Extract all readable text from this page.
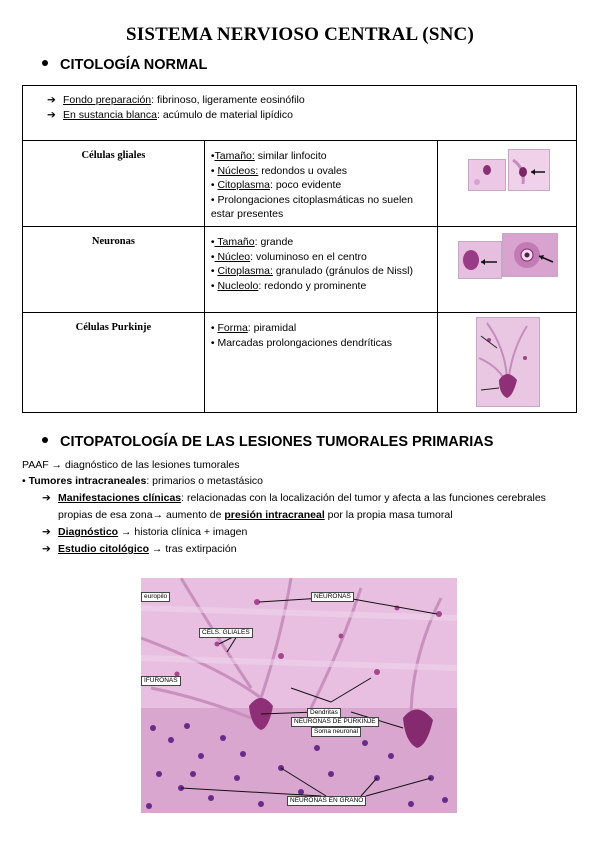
SISTEMA NERVIOSO CENTRAL (SNC)
CITOLOGÍA NORMAL
➔ Fondo preparación: fibrinoso, ligeramente eosinófilo
➔ En sustancia blanca: acúmulo de material lipídico
Células gliales	•Tamaño: similar linfocito

• Núcleos: redondos u ovales

• Citoplasma: poco evidente

• Prolongaciones citoplasmáticas no suelen estar presentes

Neuronas	• Tamaño: grande

• Núcleo: voluminoso en el centro

• Citoplasma: granulado (gránulos de Nissl)

• Nucleolo: redondo y prominente

Células Purkinje	• Forma: piramidal

• Marcadas prolongaciones dendríticas

CITOPATOLOGÍA DE LAS LESIONES TUMORALES PRIMARIAS
PAAF → diagnóstico de las lesiones tumorales
• Tumores intracraneales: primarios o metastásico
➔ Manifestaciones clínicas: relacionadas con la localización del tumor y afecta a las funciones cerebrales
propias de esa zona→ aumento de presión intracraneal por la propia masa tumoral
➔ Diagnóstico → historia clínica + imagen
➔ Estudio citológico → tras extirpación
europilo	NEURONAS
CÉLS. GLIALES
IFURONAS
Dendritas
NEURONAS DE PURKINJE
Soma neuronal
NEURONAS EN GRANO
